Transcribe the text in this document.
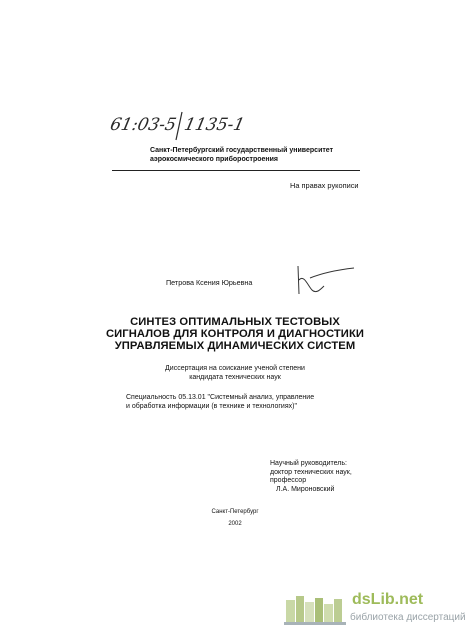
61:03-5 1135-1
Санкт-Петербургский государственный университет
аэрокосмического приборостроения
На правах рукописи
Петрова Ксения Юрьевна
СИНТЕЗ ОПТИМАЛЬНЫХ ТЕСТОВЫХ
СИГНАЛОВ ДЛЯ КОНТРОЛЯ И ДИАГНОСТИКИ
УПРАВЛЯЕМЫХ ДИНАМИЧЕСКИХ СИСТЕМ
Диссертация на соискание ученой степени
кандидата технических наук
Специальность 05.13.01 "Системный анализ, управление
и обработка информации (в технике и технологиях)"
Научный руководитель:
доктор технических наук,
профессор
Л.А. Мироновский
Санкт-Петербург
2002
dsLib.net
библиотека диссертаций
